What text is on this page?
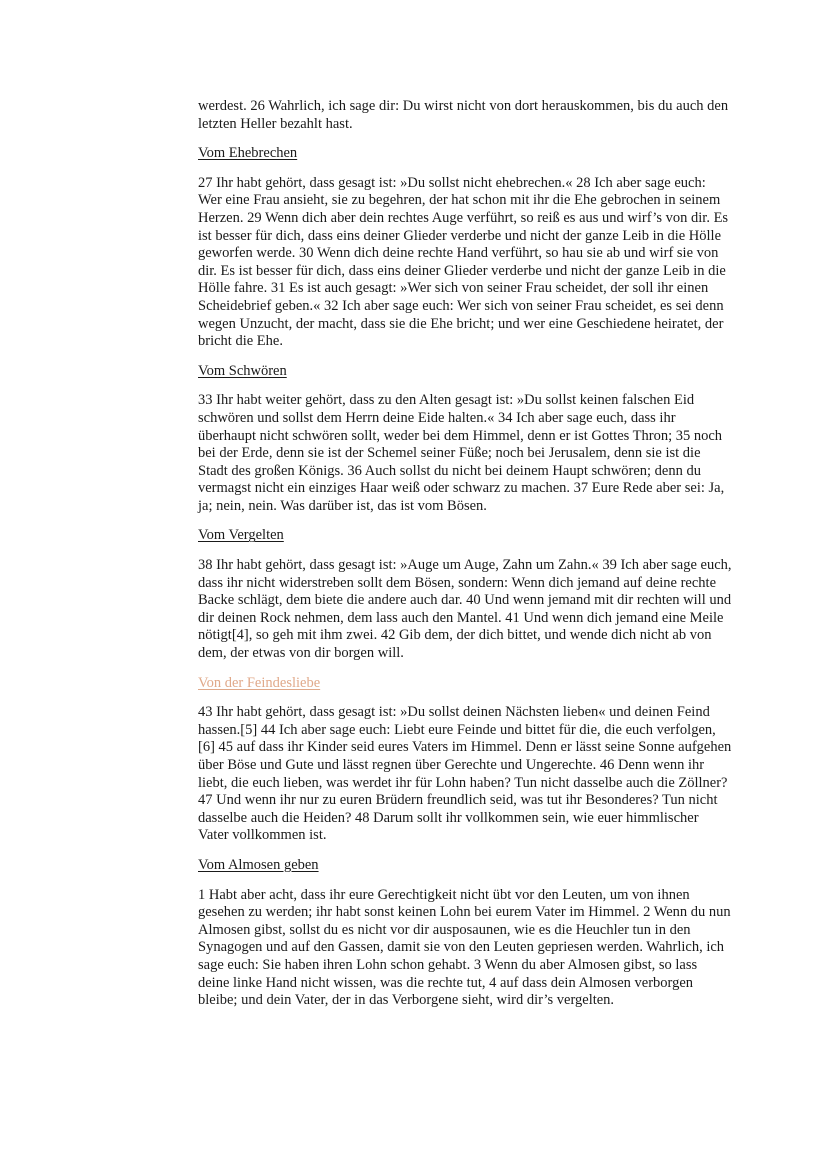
werdest. 26 Wahrlich, ich sage dir: Du wirst nicht von dort herauskommen, bis du auch den letzten Heller bezahlt hast.

Vom Ehebrechen

27 Ihr habt gehört, dass gesagt ist: »Du sollst nicht ehebrechen.« 28 Ich aber sage euch: Wer eine Frau ansieht, sie zu begehren, der hat schon mit ihr die Ehe gebrochen in seinem Herzen. 29 Wenn dich aber dein rechtes Auge verführt, so reiß es aus und wirf’s von dir. Es ist besser für dich, dass eins deiner Glieder verderbe und nicht der ganze Leib in die Hölle geworfen werde. 30 Wenn dich deine rechte Hand verführt, so hau sie ab und wirf sie von dir. Es ist besser für dich, dass eins deiner Glieder verderbe und nicht der ganze Leib in die Hölle fahre. 31 Es ist auch gesagt: »Wer sich von seiner Frau scheidet, der soll ihr einen Scheidebrief geben.« 32 Ich aber sage euch: Wer sich von seiner Frau scheidet, es sei denn wegen Unzucht, der macht, dass sie die Ehe bricht; und wer eine Geschiedene heiratet, der bricht die Ehe.

Vom Schwören

33 Ihr habt weiter gehört, dass zu den Alten gesagt ist: »Du sollst keinen falschen Eid schwören und sollst dem Herrn deine Eide halten.« 34 Ich aber sage euch, dass ihr überhaupt nicht schwören sollt, weder bei dem Himmel, denn er ist Gottes Thron; 35 noch bei der Erde, denn sie ist der Schemel seiner Füße; noch bei Jerusalem, denn sie ist die Stadt des großen Königs. 36 Auch sollst du nicht bei deinem Haupt schwören; denn du vermagst nicht ein einziges Haar weiß oder schwarz zu machen. 37 Eure Rede aber sei: Ja, ja; nein, nein. Was darüber ist, das ist vom Bösen.

Vom Vergelten

38 Ihr habt gehört, dass gesagt ist: »Auge um Auge, Zahn um Zahn.« 39 Ich aber sage euch, dass ihr nicht widerstreben sollt dem Bösen, sondern: Wenn dich jemand auf deine rechte Backe schlägt, dem biete die andere auch dar. 40 Und wenn jemand mit dir rechten will und dir deinen Rock nehmen, dem lass auch den Mantel. 41 Und wenn dich jemand eine Meile nötigt[4], so geh mit ihm zwei. 42 Gib dem, der dich bittet, und wende dich nicht ab von dem, der etwas von dir borgen will.

Von der Feindesliebe

43 Ihr habt gehört, dass gesagt ist: »Du sollst deinen Nächsten lieben« und deinen Feind hassen.[5] 44 Ich aber sage euch: Liebt eure Feinde und bittet für die, die euch verfolgen,[6] 45 auf dass ihr Kinder seid eures Vaters im Himmel. Denn er lässt seine Sonne aufgehen über Böse und Gute und lässt regnen über Gerechte und Ungerechte. 46 Denn wenn ihr liebt, die euch lieben, was werdet ihr für Lohn haben? Tun nicht dasselbe auch die Zöllner? 47 Und wenn ihr nur zu euren Brüdern freundlich seid, was tut ihr Besonderes? Tun nicht dasselbe auch die Heiden? 48 Darum sollt ihr vollkommen sein, wie euer himmlischer Vater vollkommen ist.

Vom Almosen geben

1 Habt aber acht, dass ihr eure Gerechtigkeit nicht übt vor den Leuten, um von ihnen gesehen zu werden; ihr habt sonst keinen Lohn bei eurem Vater im Himmel. 2 Wenn du nun Almosen gibst, sollst du es nicht vor dir ausposaunen, wie es die Heuchler tun in den Synagogen und auf den Gassen, damit sie von den Leuten gepriesen werden. Wahrlich, ich sage euch: Sie haben ihren Lohn schon gehabt. 3 Wenn du aber Almosen gibst, so lass deine linke Hand nicht wissen, was die rechte tut, 4 auf dass dein Almosen verborgen bleibe; und dein Vater, der in das Verborgene sieht, wird dir’s vergelten.
